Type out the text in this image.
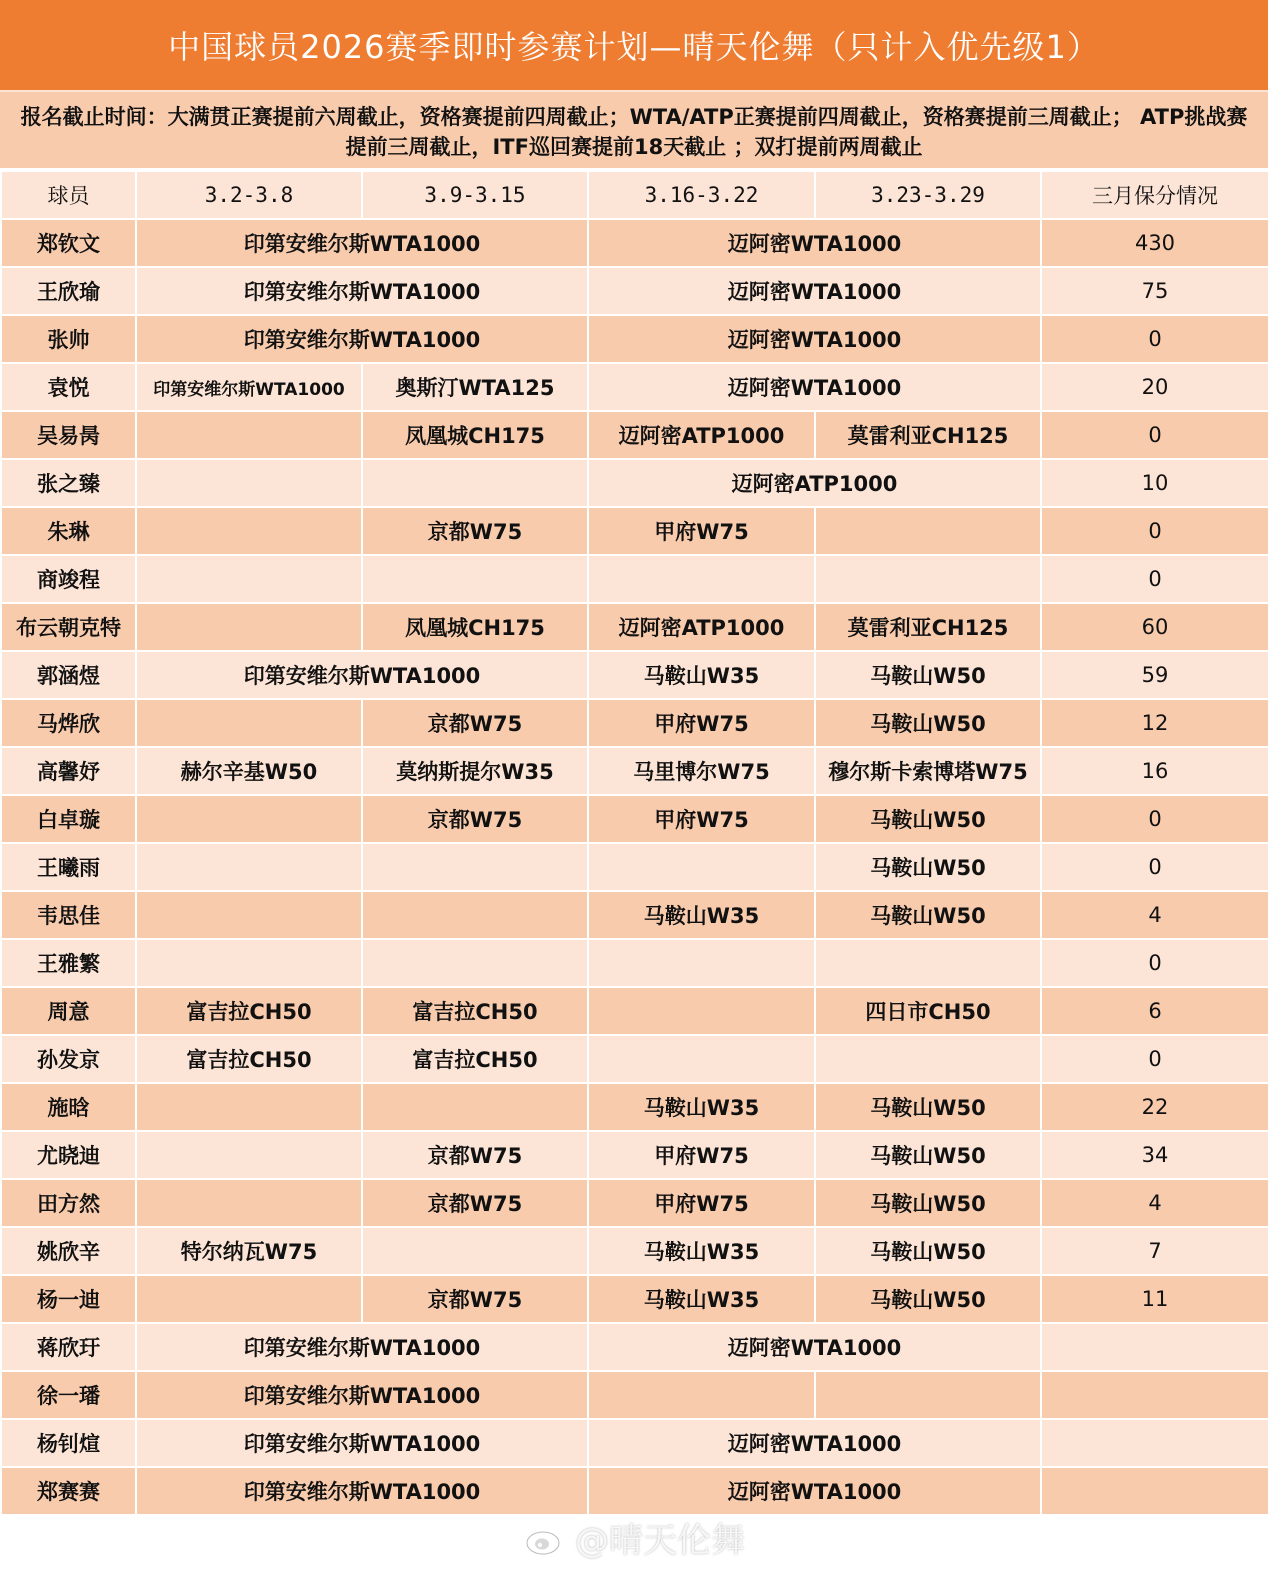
中国球员2026赛季即时参赛计划—晴天伦舞（只计入优先级1）
报名截止时间：大满贯正赛提前六周截止，资格赛提前四周截止；WTA/ATP正赛提前四周截止，资格赛提前三周截止； ATP挑战赛提前三周截止，ITF巡回赛提前18天截止 ；双打提前两周截止
球员	3.2-3.8	3.9-3.15	3.16-3.22	3.23-3.29	三月保分情况
郑钦文	印第安维尔斯WTA1000		迈阿密WTA1000		430
王欣瑜	印第安维尔斯WTA1000		迈阿密WTA1000		75
张帅	印第安维尔斯WTA1000		迈阿密WTA1000		0
袁悦	印第安维尔斯WTA1000	奥斯汀WTA125	迈阿密WTA1000		20
吴易昺		凤凰城CH175	迈阿密ATP1000	莫雷利亚CH125	0
张之臻			迈阿密ATP1000		10
朱琳		京都W75	甲府W75		0
商竣程					0
布云朝克特		凤凰城CH175	迈阿密ATP1000	莫雷利亚CH125	60
郭涵煜	印第安维尔斯WTA1000		马鞍山W35	马鞍山W50	59
马烨欣		京都W75	甲府W75	马鞍山W50	12
高馨妤	赫尔辛基W50	莫纳斯提尔W35	马里博尔W75	穆尔斯卡索博塔W75	16
白卓璇		京都W75	甲府W75	马鞍山W50	0
王曦雨				马鞍山W50	0
韦思佳			马鞍山W35	马鞍山W50	4
王雅繁					0
周意	富吉拉CH50	富吉拉CH50		四日市CH50	6
孙发京	富吉拉CH50	富吉拉CH50			0
施晗			马鞍山W35	马鞍山W50	22
尤晓迪		京都W75	甲府W75	马鞍山W50	34
田方然		京都W75	甲府W75	马鞍山W50	4
姚欣辛	特尔纳瓦W75		马鞍山W35	马鞍山W50	7
杨一迪		京都W75	马鞍山W35	马鞍山W50	11
蒋欣玗	印第安维尔斯WTA1000		迈阿密WTA1000		
徐一璠	印第安维尔斯WTA1000				
杨钊煊	印第安维尔斯WTA1000		迈阿密WTA1000		
郑赛赛	印第安维尔斯WTA1000		迈阿密WTA1000		
@晴天伦舞
